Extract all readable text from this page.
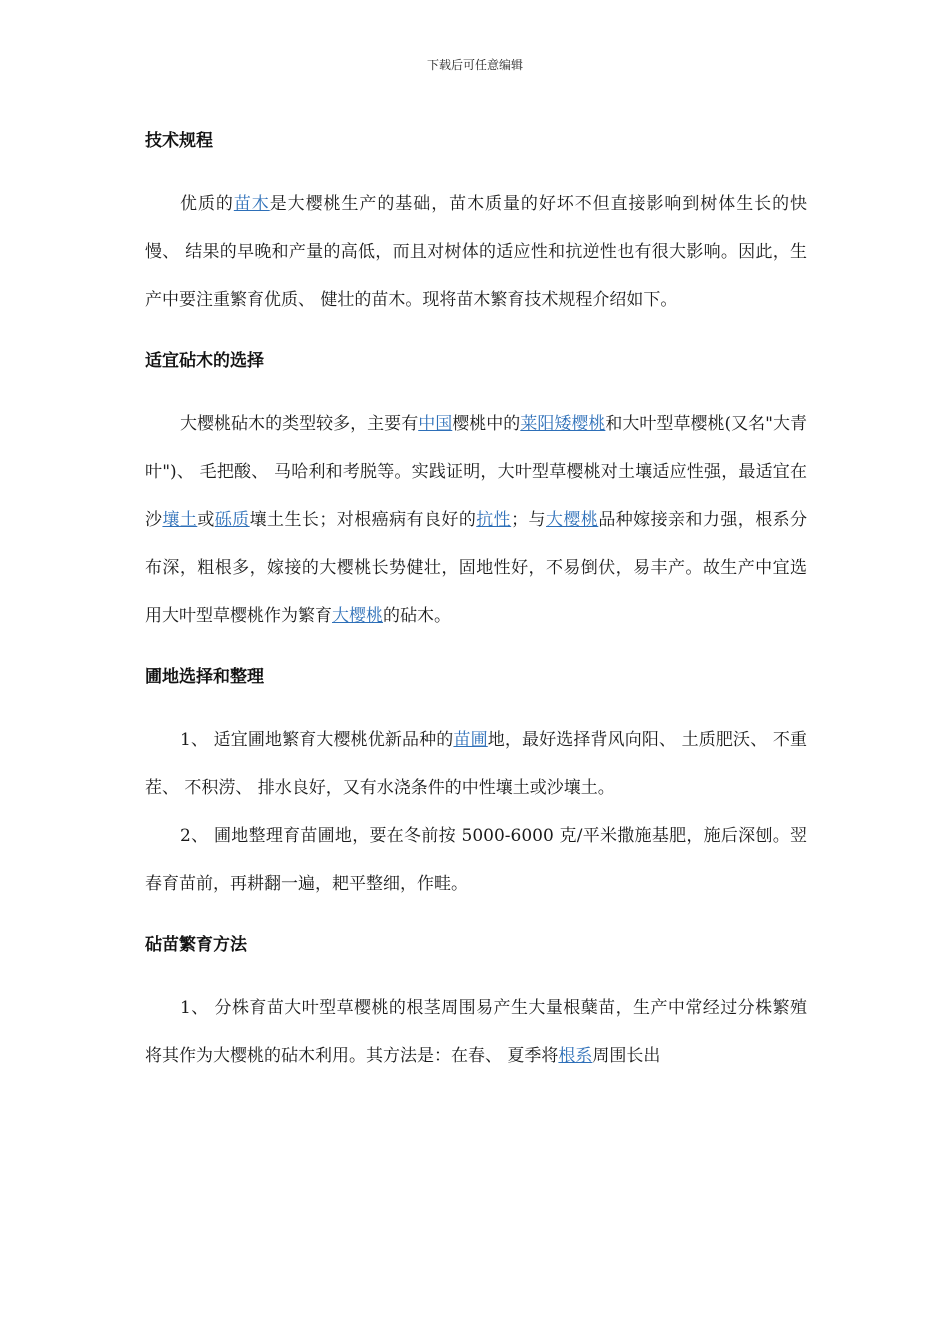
下载后可任意编辑
技术规程

优质的苗木是大樱桃生产的基础，苗木质量的好坏不但直接影响到树体生长的快慢、 结果的早晚和产量的高低，而且对树体的适应性和抗逆性也有很大影响。因此，生产中要注重繁育优质、 健壮的苗木。现将苗木繁育技术规程介绍如下。

适宜砧木的选择

大樱桃砧木的类型较多，主要有中国樱桃中的莱阳矮樱桃和大叶型草樱桃(又名"大青叶")、 毛把酸、 马哈利和考脱等。实践证明，大叶型草樱桃对土壤适应性强，最适宜在沙壤土或砾质壤土生长；对根癌病有良好的抗性；与大樱桃品种嫁接亲和力强，根系分布深，粗根多，嫁接的大樱桃长势健壮，固地性好，不易倒伏，易丰产。故生产中宜选用大叶型草樱桃作为繁育大樱桃的砧木。

圃地选择和整理

1、 适宜圃地繁育大樱桃优新品种的苗圃地，最好选择背风向阳、 土质肥沃、 不重茬、 不积涝、 排水良好，又有水浇条件的中性壤土或沙壤土。

2、 圃地整理育苗圃地，要在冬前按 5000-6000 克/平米撒施基肥，施后深刨。翌春育苗前，再耕翻一遍，耙平整细，作畦。

砧苗繁育方法

1、 分株育苗大叶型草樱桃的根茎周围易产生大量根蘖苗，生产中常经过分株繁殖将其作为大樱桃的砧木利用。其方法是：在春、 夏季将根系周围长出
